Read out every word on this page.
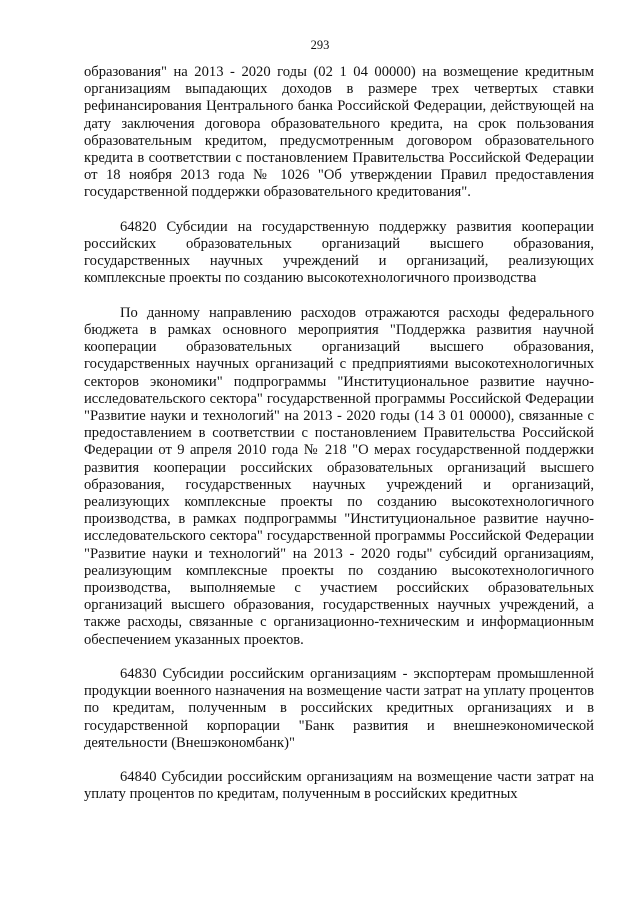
293

образования" на 2013 - 2020 годы (02 1 04 00000) на возмещение кредитным организациям выпадающих доходов в размере трех четвертых ставки рефинансирования Центрального банка Российской Федерации, действующей на дату заключения договора образовательного кредита, на срок пользования образовательным кредитом, предусмотренным договором образовательного кредита в соответствии с постановлением Правительства Российской Федерации от 18 ноября 2013 года № 1026 "Об утверждении Правил предоставления государственной поддержки образовательного кредитования".

64820 Субсидии на государственную поддержку развития кооперации российских образовательных организаций высшего образования, государственных научных учреждений и организаций, реализующих комплексные проекты по созданию высокотехнологичного производства

По данному направлению расходов отражаются расходы федерального бюджета в рамках основного мероприятия "Поддержка развития научной кооперации образовательных организаций высшего образования, государственных научных организаций с предприятиями высокотехнологичных секторов экономики" подпрограммы "Институциональное развитие научно-исследовательского сектора" государственной программы Российской Федерации "Развитие науки и технологий" на 2013 - 2020 годы (14 3 01 00000), связанные с предоставлением в соответствии с постановлением Правительства Российской Федерации от 9 апреля 2010 года № 218 "О мерах государственной поддержки развития кооперации российских образовательных организаций высшего образования, государственных научных учреждений и организаций, реализующих комплексные проекты по созданию высокотехнологичного производства, в рамках подпрограммы "Институциональное развитие научно-исследовательского сектора" государственной программы Российской Федерации "Развитие науки и технологий" на 2013 - 2020 годы" субсидий организациям, реализующим комплексные проекты по созданию высокотехнологичного производства, выполняемые с участием российских образовательных организаций высшего образования, государственных научных учреждений, а также расходы, связанные с организационно-техническим и информационным обеспечением указанных проектов.

64830 Субсидии российским организациям - экспортерам промышленной продукции военного назначения на возмещение части затрат на уплату процентов по кредитам, полученным в российских кредитных организациях и в государственной корпорации "Банк развития и внешнеэкономической деятельности (Внешэкономбанк)"

64840 Субсидии российским организациям на возмещение части затрат на уплату процентов по кредитам, полученным в российских кредитных
